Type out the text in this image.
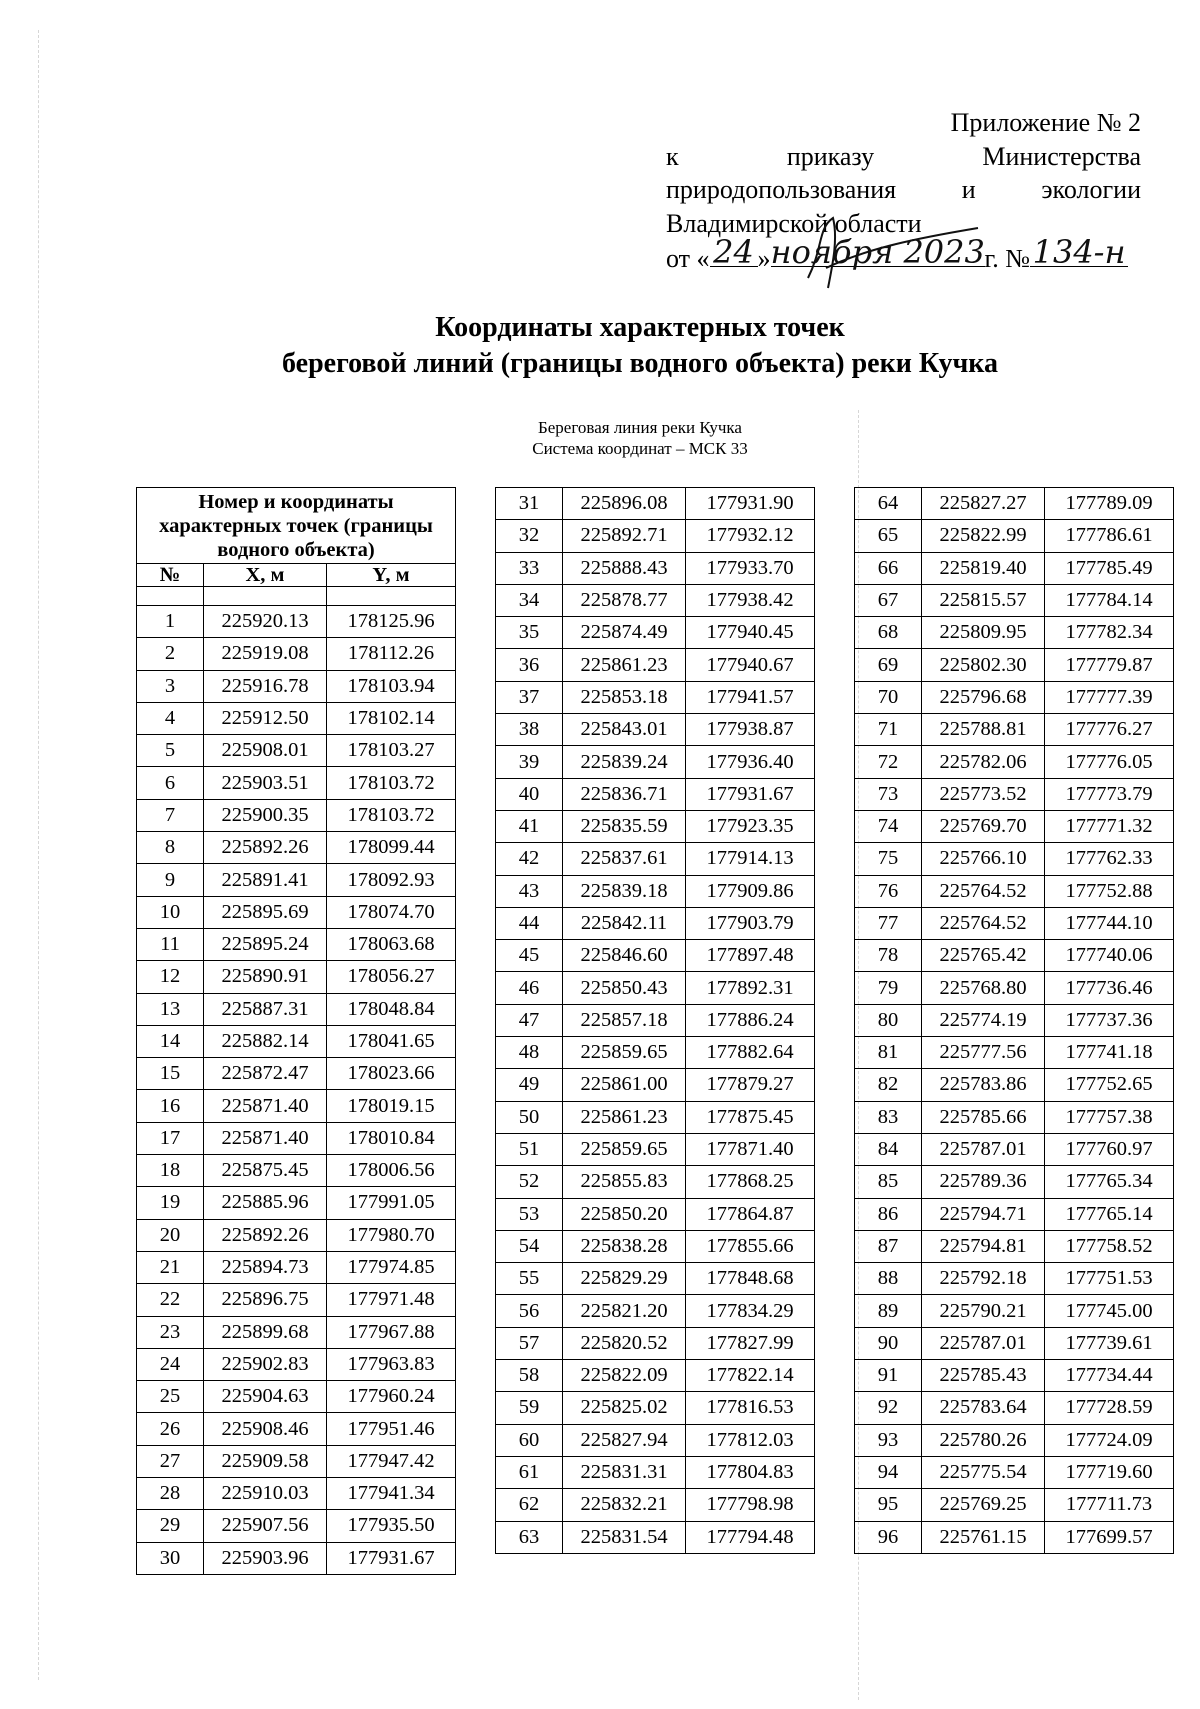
Приложение № 2
к	приказу	Министерства
природопользования	и	экологии
Владимирской области
от « 24 » ноября 2023 г. № 134-н
Координаты характерных точек
береговой линий (границы водного объекта) реки Кучка
Береговая линия реки Кучка
Система координат – МСК 33
Номер и координаты характерных точек (границы водного объекта)		
№	X, м	Y, м

1	225920.13	178125.96
2	225919.08	178112.26
3	225916.78	178103.94
4	225912.50	178102.14
5	225908.01	178103.27
6	225903.51	178103.72
7	225900.35	178103.72
8	225892.26	178099.44
9	225891.41	178092.93
10	225895.69	178074.70
11	225895.24	178063.68
12	225890.91	178056.27
13	225887.31	178048.84
14	225882.14	178041.65
15	225872.47	178023.66
16	225871.40	178019.15
17	225871.40	178010.84
18	225875.45	178006.56
19	225885.96	177991.05
20	225892.26	177980.70
21	225894.73	177974.85
22	225896.75	177971.48
23	225899.68	177967.88
24	225902.83	177963.83
25	225904.63	177960.24
26	225908.46	177951.46
27	225909.58	177947.42
28	225910.03	177941.34
29	225907.56	177935.50
30	225903.96	177931.67
31	225896.08	177931.90
32	225892.71	177932.12
33	225888.43	177933.70
34	225878.77	177938.42
35	225874.49	177940.45
36	225861.23	177940.67
37	225853.18	177941.57
38	225843.01	177938.87
39	225839.24	177936.40
40	225836.71	177931.67
41	225835.59	177923.35
42	225837.61	177914.13
43	225839.18	177909.86
44	225842.11	177903.79
45	225846.60	177897.48
46	225850.43	177892.31
47	225857.18	177886.24
48	225859.65	177882.64
49	225861.00	177879.27
50	225861.23	177875.45
51	225859.65	177871.40
52	225855.83	177868.25
53	225850.20	177864.87
54	225838.28	177855.66
55	225829.29	177848.68
56	225821.20	177834.29
57	225820.52	177827.99
58	225822.09	177822.14
59	225825.02	177816.53
60	225827.94	177812.03
61	225831.31	177804.83
62	225832.21	177798.98
63	225831.54	177794.48
64	225827.27	177789.09
65	225822.99	177786.61
66	225819.40	177785.49
67	225815.57	177784.14
68	225809.95	177782.34
69	225802.30	177779.87
70	225796.68	177777.39
71	225788.81	177776.27
72	225782.06	177776.05
73	225773.52	177773.79
74	225769.70	177771.32
75	225766.10	177762.33
76	225764.52	177752.88
77	225764.52	177744.10
78	225765.42	177740.06
79	225768.80	177736.46
80	225774.19	177737.36
81	225777.56	177741.18
82	225783.86	177752.65
83	225785.66	177757.38
84	225787.01	177760.97
85	225789.36	177765.34
86	225794.71	177765.14
87	225794.81	177758.52
88	225792.18	177751.53
89	225790.21	177745.00
90	225787.01	177739.61
91	225785.43	177734.44
92	225783.64	177728.59
93	225780.26	177724.09
94	225775.54	177719.60
95	225769.25	177711.73
96	225761.15	177699.57
